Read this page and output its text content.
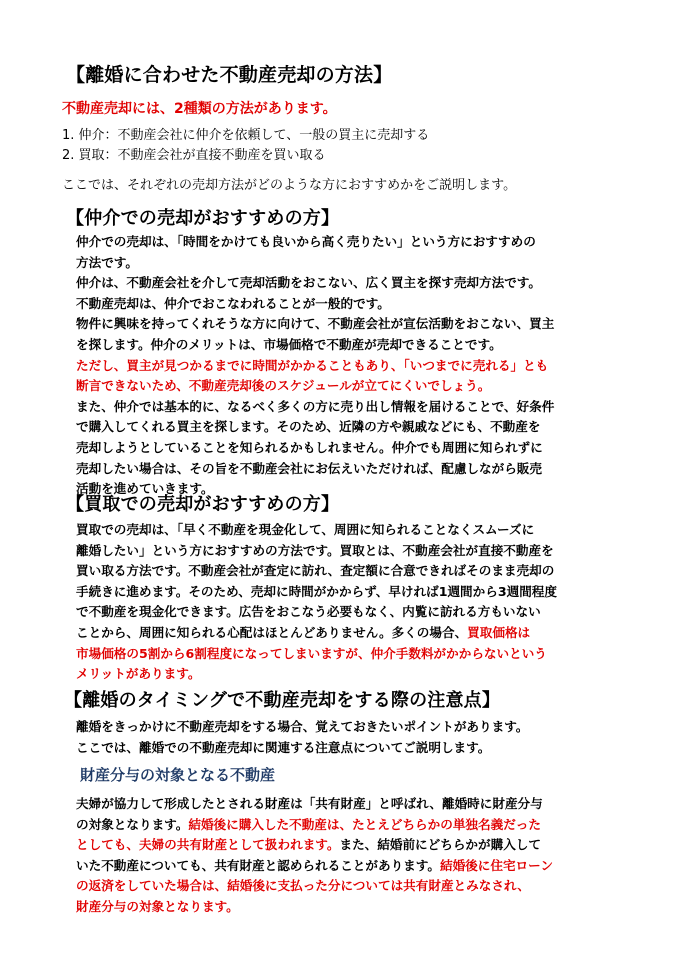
【離婚に合わせた不動産売却の方法】
不動産売却には、2種類の方法があります。
1. 仲介：不動産会社に仲介を依頼して、一般の買主に売却する
2. 買取：不動産会社が直接不動産を買い取る
ここでは、それぞれの売却方法がどのような方におすすめかをご説明します。
【仲介での売却がおすすめの方】
仲介での売却は、「時間をかけても良いから高く売りたい」という方におすすめの
方法です。
仲介は、不動産会社を介して売却活動をおこない、広く買主を探す売却方法です。
不動産売却は、仲介でおこなわれることが一般的です。
物件に興味を持ってくれそうな方に向けて、不動産会社が宣伝活動をおこない、買主
を探します。仲介のメリットは、市場価格で不動産が売却できることです。
ただし、買主が見つかるまでに時間がかかることもあり、「いつまでに売れる」とも
断言できないため、不動産売却後のスケジュールが立てにくいでしょう。
また、仲介では基本的に、なるべく多くの方に売り出し情報を届けることで、好条件
で購入してくれる買主を探します。そのため、近隣の方や親戚などにも、不動産を
売却しようとしていることを知られるかもしれません。仲介でも周囲に知られずに
売却したい場合は、その旨を不動産会社にお伝えいただければ、配慮しながら販売
活動を進めていきます。
【買取での売却がおすすめの方】
買取での売却は、「早く不動産を現金化して、周囲に知られることなくスムーズに
離婚したい」という方におすすめの方法です。買取とは、不動産会社が直接不動産を
買い取る方法です。不動産会社が査定に訪れ、査定額に合意できればそのまま売却の
手続きに進めます。そのため、売却に時間がかからず、早ければ1週間から3週間程度
で不動産を現金化できます。広告をおこなう必要もなく、内覧に訪れる方もいない
ことから、周囲に知られる心配はほとんどありません。多くの場合、買取価格は
市場価格の5割から6割程度になってしまいますが、仲介手数料がかからないという
メリットがあります。
【離婚のタイミングで不動産売却をする際の注意点】
離婚をきっかけに不動産売却をする場合、覚えておきたいポイントがあります。
ここでは、離婚での不動産売却に関連する注意点についてご説明します。
財産分与の対象となる不動産
夫婦が協力して形成したとされる財産は「共有財産」と呼ばれ、離婚時に財産分与
の対象となります。結婚後に購入した不動産は、たとえどちらかの単独名義だった
としても、夫婦の共有財産として扱われます。また、結婚前にどちらかが購入して
いた不動産についても、共有財産と認められることがあります。結婚後に住宅ローン
の返済をしていた場合は、結婚後に支払った分については共有財産とみなされ、
財産分与の対象となります。
